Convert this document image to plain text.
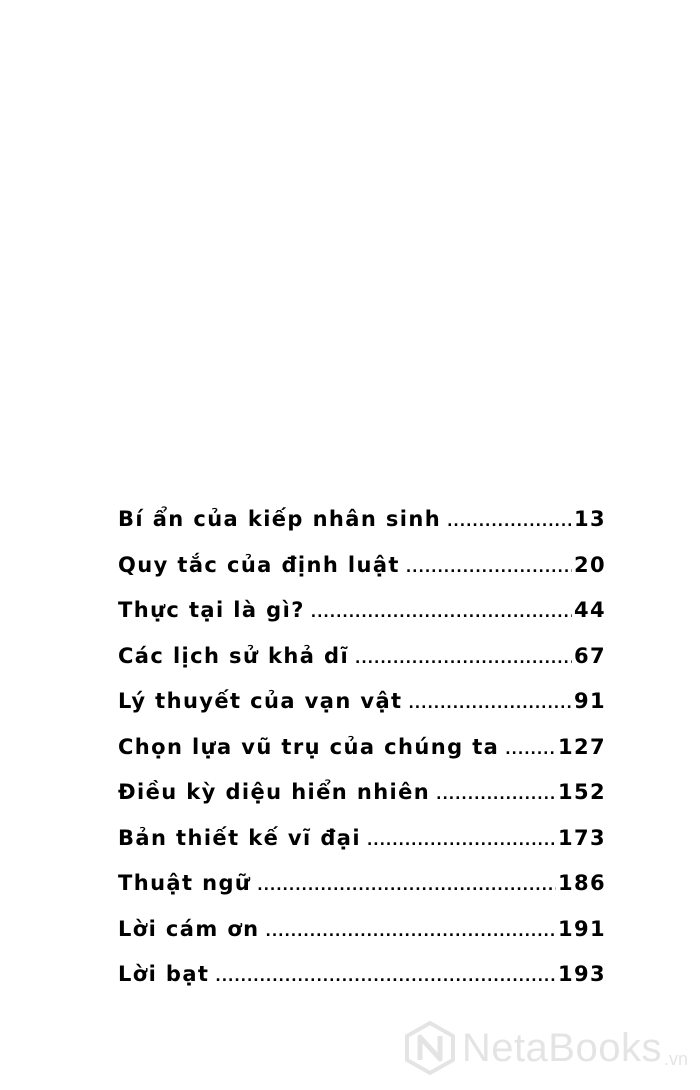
Bí ẩn của kiếp nhân sinh .....	13
Quy tắc của định luật .....	20
Thực tại là gì? .....	44
Các lịch sử khả dĩ .....	67
Lý thuyết của vạn vật .....	91
Chọn lựa vũ trụ của chúng ta .....	127
Điều kỳ diệu hiển nhiên .....	152
Bản thiết kế vĩ đại .....	173
Thuật ngữ .....	186
Lời cám ơn .....	191
Lời bạt .....	193
NetaBooks .vn
